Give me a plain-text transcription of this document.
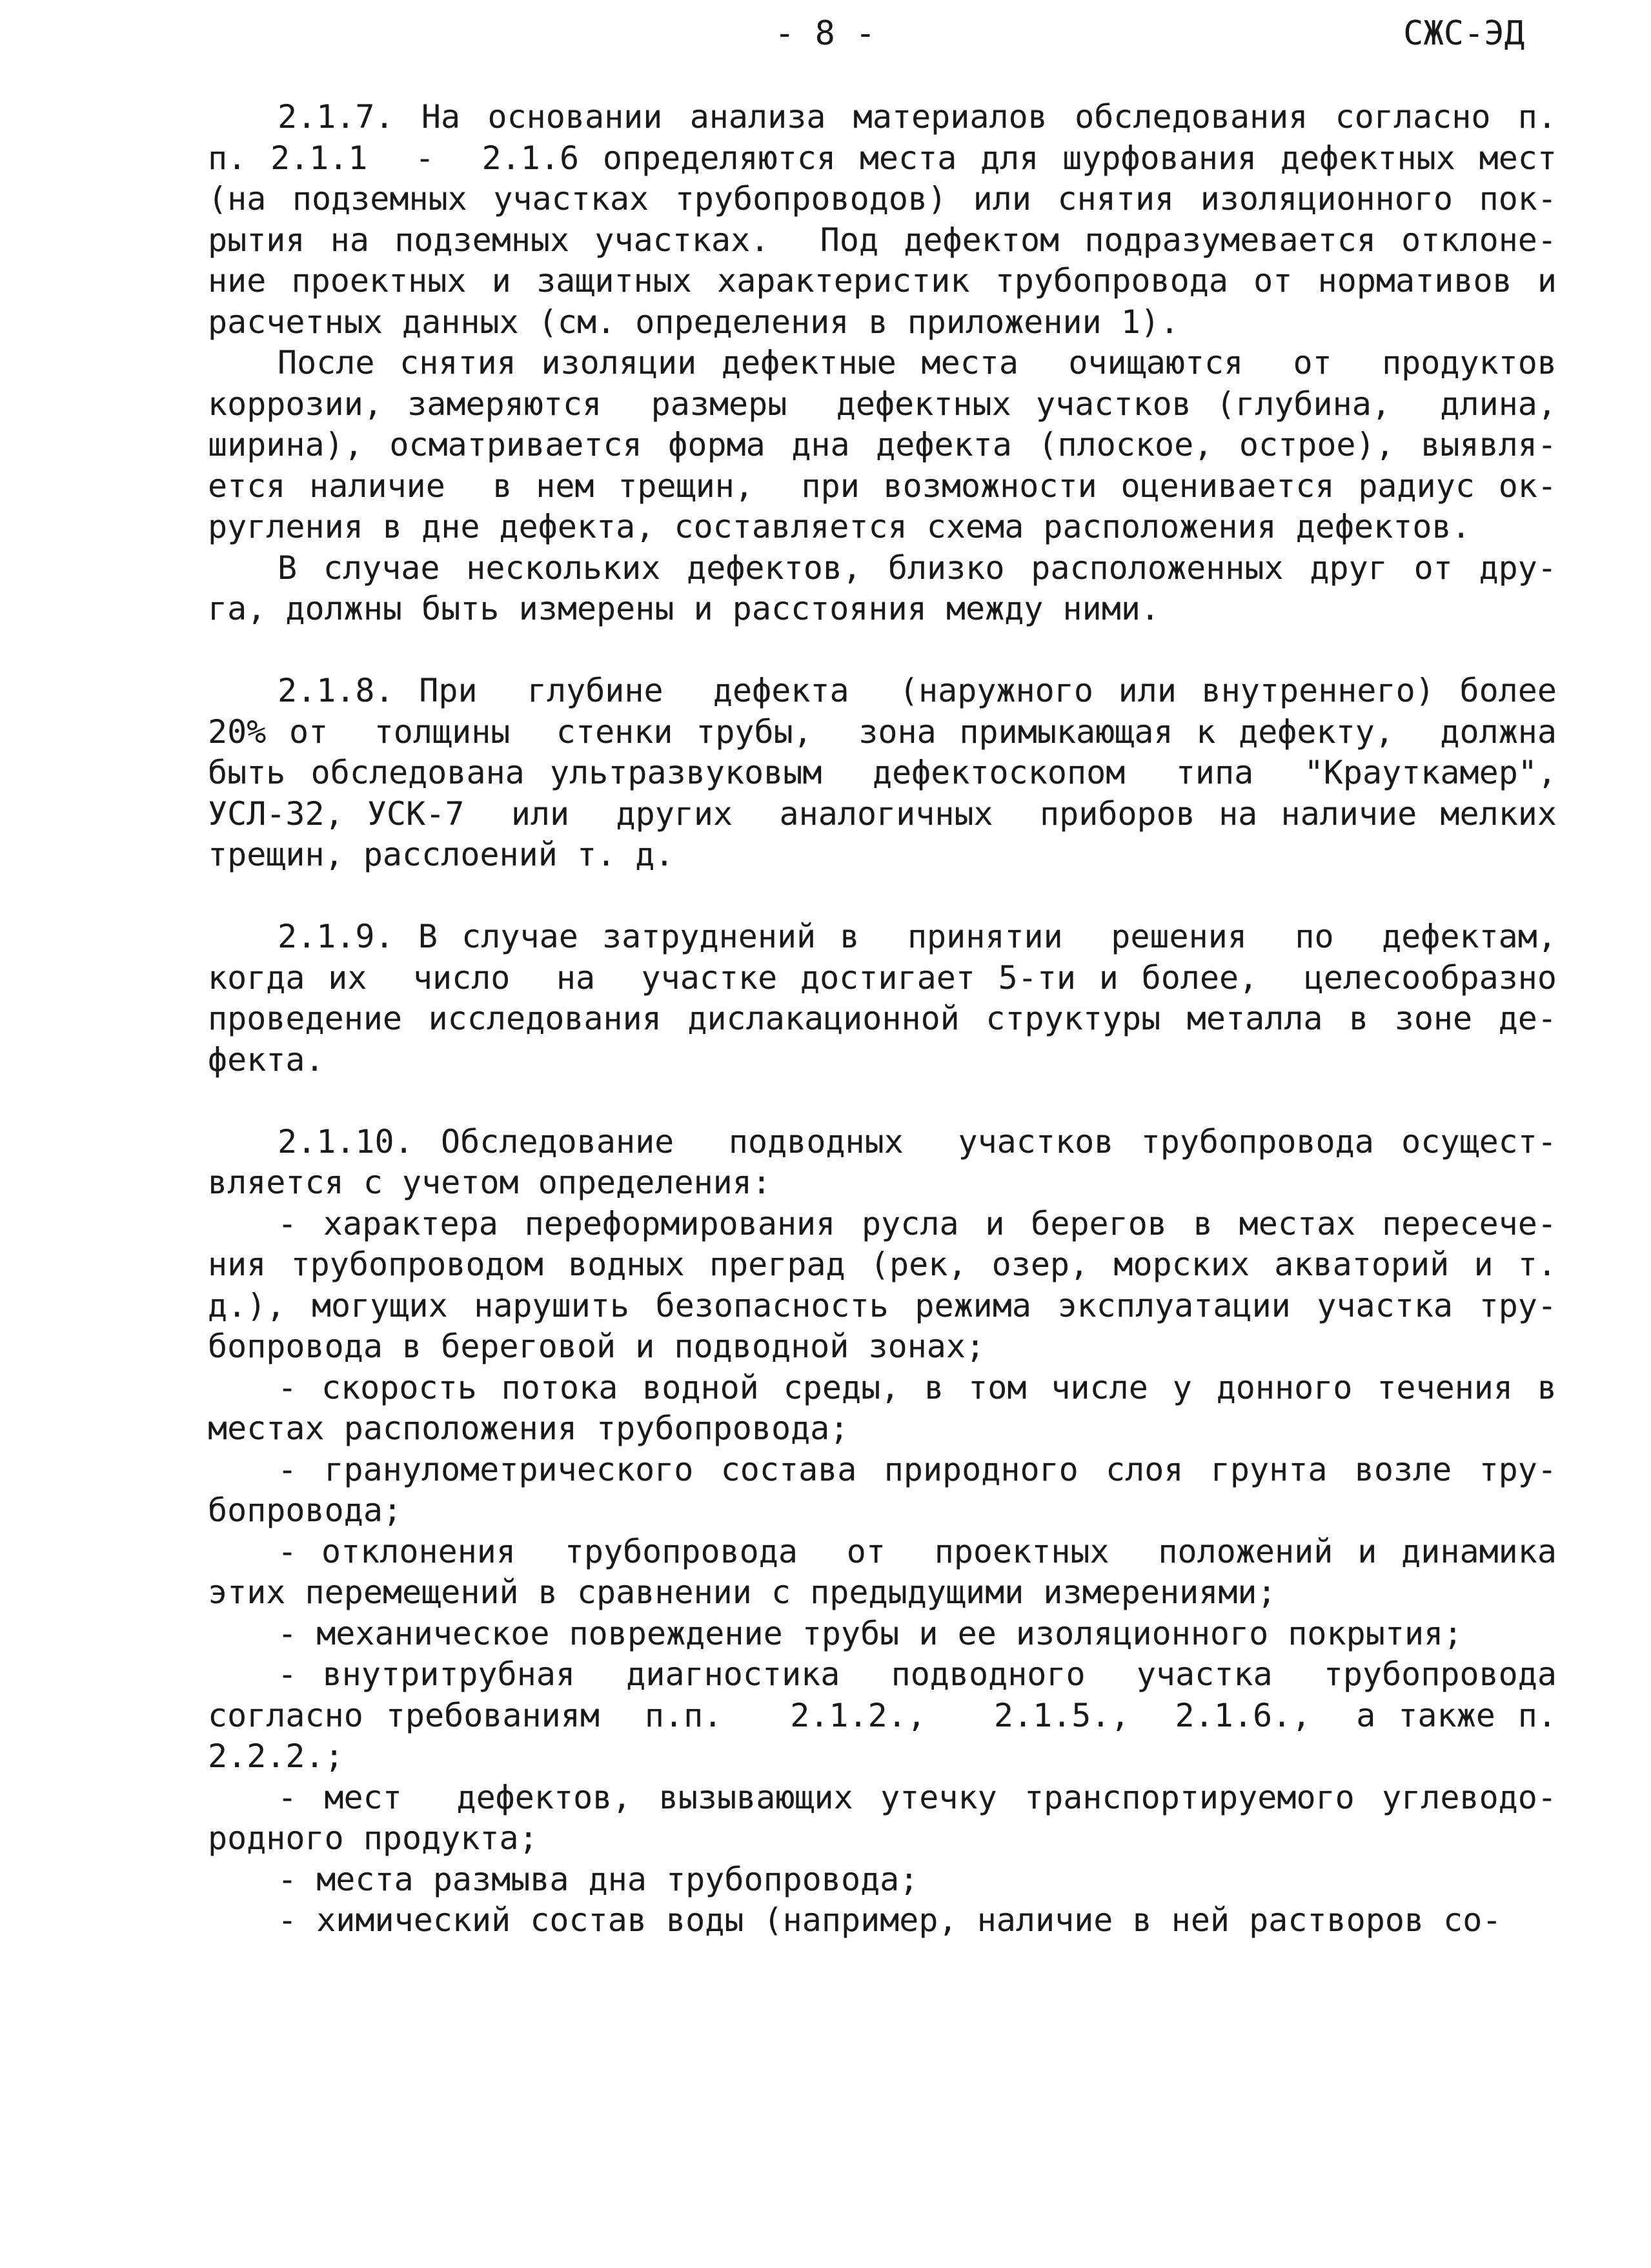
- 8 -	СЖС-ЭД
2.1.7. На основании анализа материалов обследования согласно п.
п. 2.1.1  -  2.1.6 определяются места для шурфования дефектных мест
(на подземных участках трубопроводов) или снятия изоляционного пок-
рытия на подземных участках.  Под дефектом подразумевается отклоне-
ние проектных и защитных характеристик трубопровода от нормативов и
расчетных данных (см. определения в приложении 1).
После снятия изоляции дефектные места  очищаются  от  продуктов
коррозии, замеряются  размеры  дефектных участков (глубина,  длина,
ширина), осматривается форма дна дефекта (плоское, острое), выявля-
ется наличие  в нем трещин,  при возможности оценивается радиус ок-
ругления в дне дефекта, составляется схема расположения дефектов.
В случае нескольких дефектов, близко расположенных друг от дру-
га, должны быть измерены и расстояния между ними.
2.1.8. При  глубине  дефекта  (наружного или внутреннего) более
20% от  толщины  стенки трубы,  зона примыкающая к дефекту,  должна
быть обследована ультразвуковым  дефектоскопом  типа  "Крауткамер",
УСЛ-32, УСК-7  или  других  аналогичных  приборов на наличие мелких
трещин, расслоений т. д.
2.1.9. В случае затруднений в  принятии  решения  по  дефектам,
когда их  число  на  участке достигает 5-ти и более,  целесообразно
проведение исследования дислакационной структуры металла в зоне де-
фекта.
2.1.10. Обследование  подводных  участков трубопровода осущест-
вляется с учетом определения:
- характера переформирования русла и берегов в местах пересече-
ния трубопроводом водных преград (рек, озер, морских акваторий и т.
д.), могущих нарушить безопасность режима эксплуатации участка тру-
бопровода в береговой и подводной зонах;
- скорость потока водной среды, в том числе у донного течения в
местах расположения трубопровода;
- гранулометрического состава природного слоя грунта возле тру-
бопровода;
- отклонения  трубопровода  от  проектных  положений и динамика
этих перемещений в сравнении с предыдущими измерениями;
- механическое повреждение трубы и ее изоляционного покрытия;
- внутритрубная  диагностика  подводного  участка  трубопровода
согласно требованиям  п.п.   2.1.2.,   2.1.5.,  2.1.6.,  а также п.
2.2.2.;
- мест  дефектов, вызывающих утечку транспортируемого углеводо-
родного продукта;
- места размыва дна трубопровода;
- химический состав воды (например, наличие в ней растворов со-
